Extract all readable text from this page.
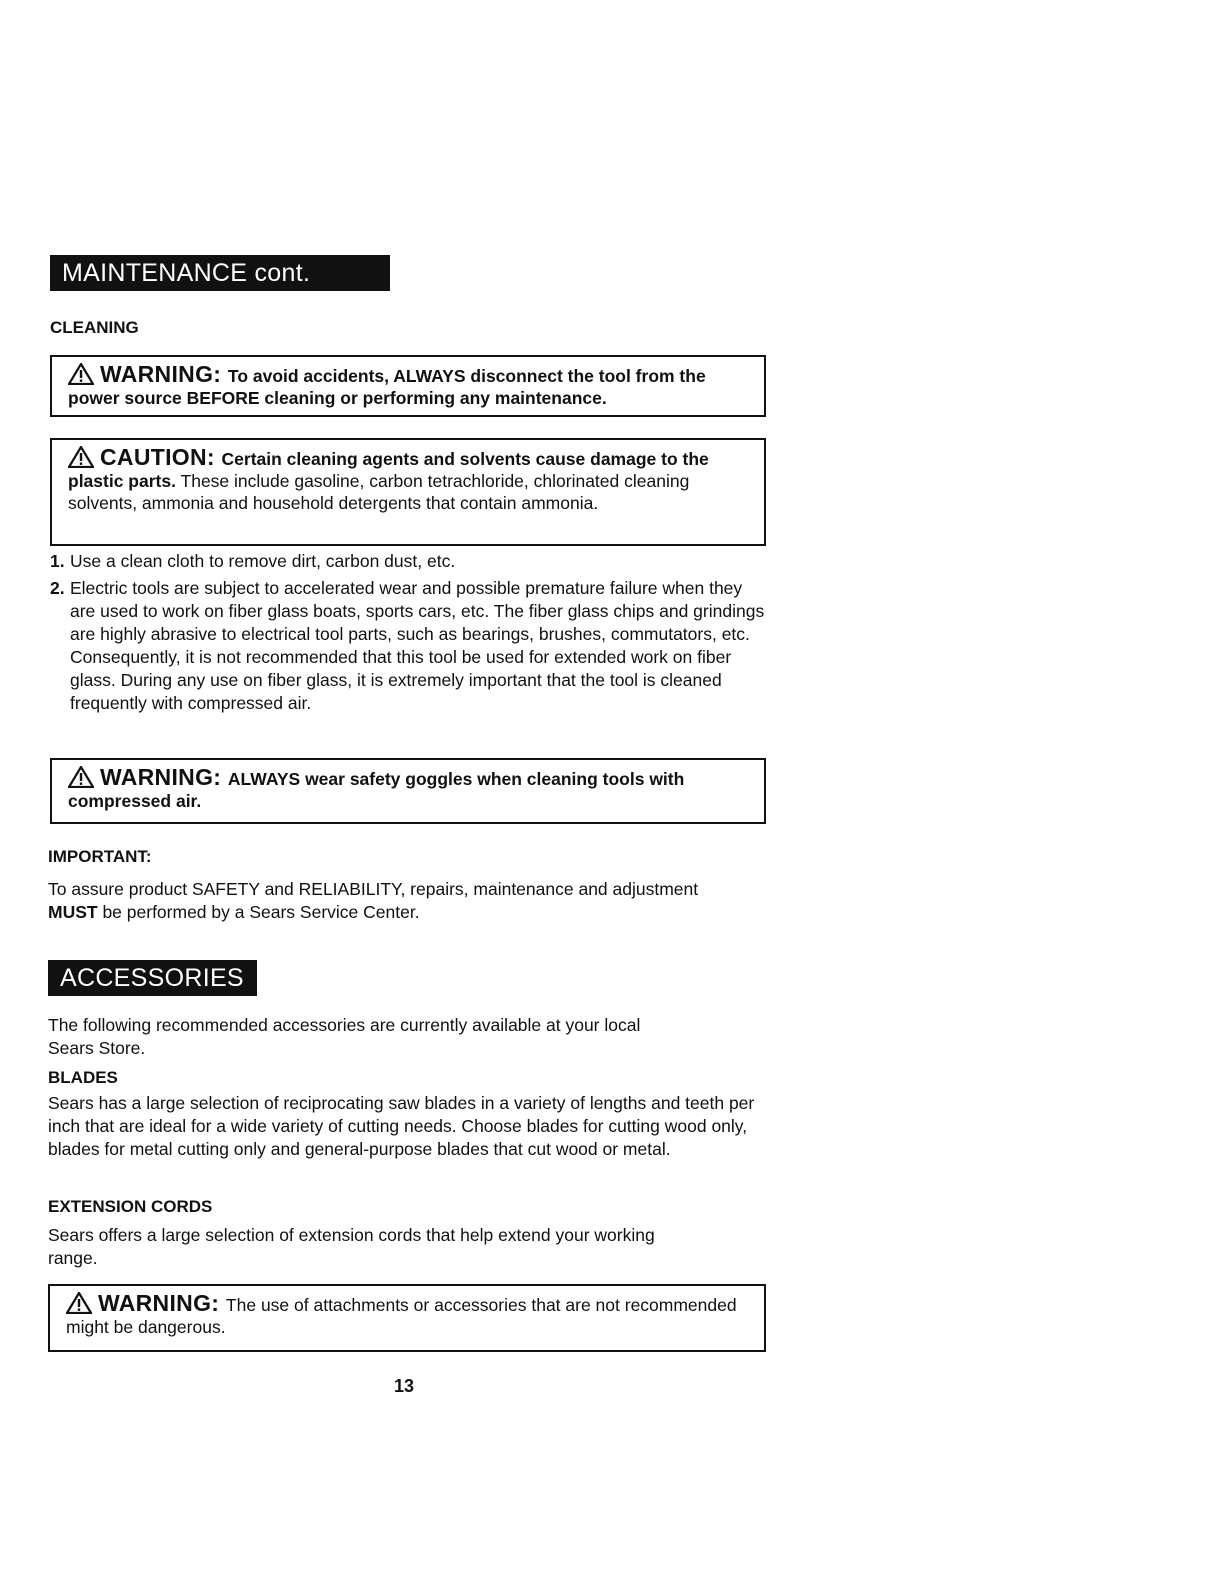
MAINTENANCE cont.
CLEANING
WARNING: To avoid accidents, ALWAYS disconnect the tool from the power source BEFORE cleaning or performing any maintenance.
CAUTION: Certain cleaning agents and solvents cause damage to the plastic parts. These include gasoline, carbon tetrachloride, chlorinated cleaning solvents, ammonia and household detergents that contain ammonia.
1. Use a clean cloth to remove dirt, carbon dust, etc.
2. Electric tools are subject to accelerated wear and possible premature failure when they are used to work on fiber glass boats, sports cars, etc. The fiber glass chips and grindings are highly abrasive to electrical tool parts, such as bearings, brushes, commutators, etc. Consequently, it is not recommended that this tool be used for extended work on fiber glass. During any use on fiber glass, it is extremely important that the tool is cleaned frequently with compressed air.
WARNING: ALWAYS wear safety goggles when cleaning tools with compressed air.
IMPORTANT:
To assure product SAFETY and RELIABILITY, repairs, maintenance and adjustment MUST be performed by a Sears Service Center.
ACCESSORIES
The following recommended accessories are currently available at your local Sears Store.
BLADES
Sears has a large selection of reciprocating saw blades in a variety of lengths and teeth per inch that are ideal for a wide variety of cutting needs. Choose blades for cutting wood only, blades for metal cutting only and general-purpose blades that cut wood or metal.
EXTENSION CORDS
Sears offers a large selection of extension cords that help extend your working range.
WARNING: The use of attachments or accessories that are not recommended might be dangerous.
13
